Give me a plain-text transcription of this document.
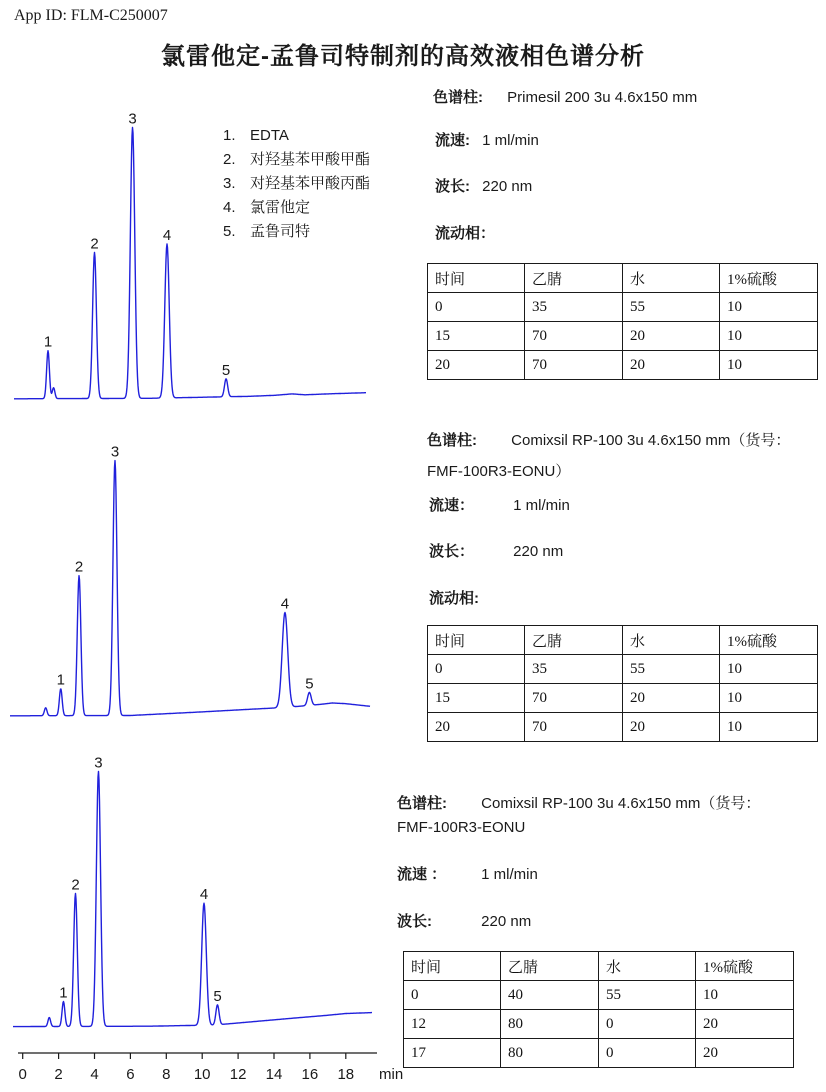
App ID: FLM-C250007
氯雷他定-孟鲁司特制剂的高效液相色谱分析
1
2
3
4
5
1
2
3
4
5
1
2
3
4
5
0 2 4 6 8 10 12 14 16 18 min
1. EDTA
2. 对羟基苯甲酸甲酯
3. 对羟基苯甲酸丙酯
4. 氯雷他定
5. 孟鲁司特
色谱柱: Primesil 200 3u 4.6x150 mm
流速: 1 ml/min
波长: 220 nm
流动相：
时间	乙腈	水	1%硫酸
0	35	55	10
15	70	20	10
20	70	20	10
色谱柱: Comixsil RP-100 3u 4.6x150 mm（货号：
FMF-100R3-EONU）
流速：	1 ml/min
波长：	220 nm
流动相:
时间	乙腈	水	1%硫酸
0	35	55	10
15	70	20	10
20	70	20	10
色谱柱: Comixsil RP-100 3u 4.6x150 mm（货号：
FMF-100R3-EONU
流速 ： 1 ml/min
波长:	220 nm
时间	乙腈	水	1%硫酸
0	40	55	10
12	80	0	20
17	80	0	20
